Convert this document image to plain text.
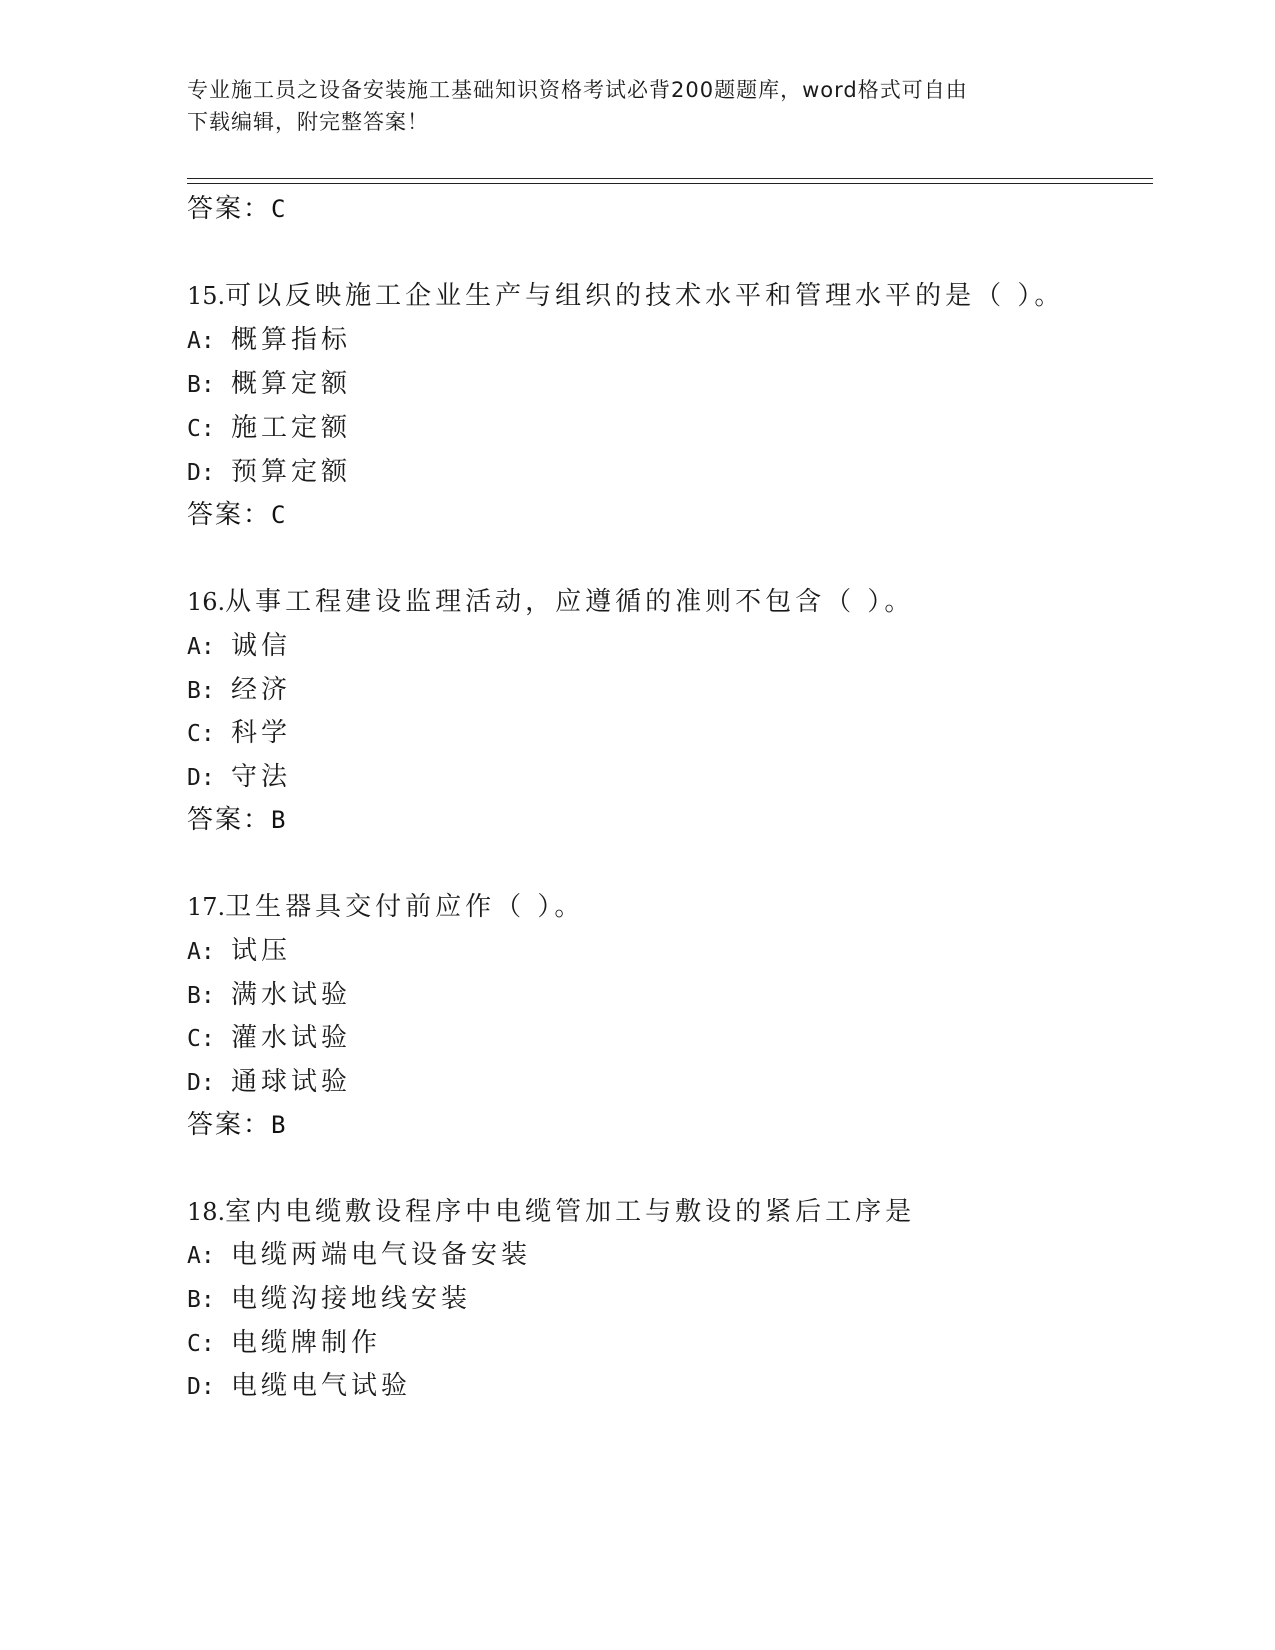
专业施工员之设备安装施工基础知识资格考试必背200题题库，word格式可自由
下载编辑，附完整答案！
答案：C
15.可以反映施工企业生产与组织的技术水平和管理水平的是（ ）。
A: 概算指标
B: 概算定额
C: 施工定额
D: 预算定额
答案：C
16.从事工程建设监理活动，应遵循的准则不包含（ ）。
A: 诚信
B: 经济
C: 科学
D: 守法
答案：B
17.卫生器具交付前应作（ ）。
A: 试压
B: 满水试验
C: 灌水试验
D: 通球试验
答案：B
18.室内电缆敷设程序中电缆管加工与敷设的紧后工序是
A: 电缆两端电气设备安装
B: 电缆沟接地线安装
C: 电缆牌制作
D: 电缆电气试验
